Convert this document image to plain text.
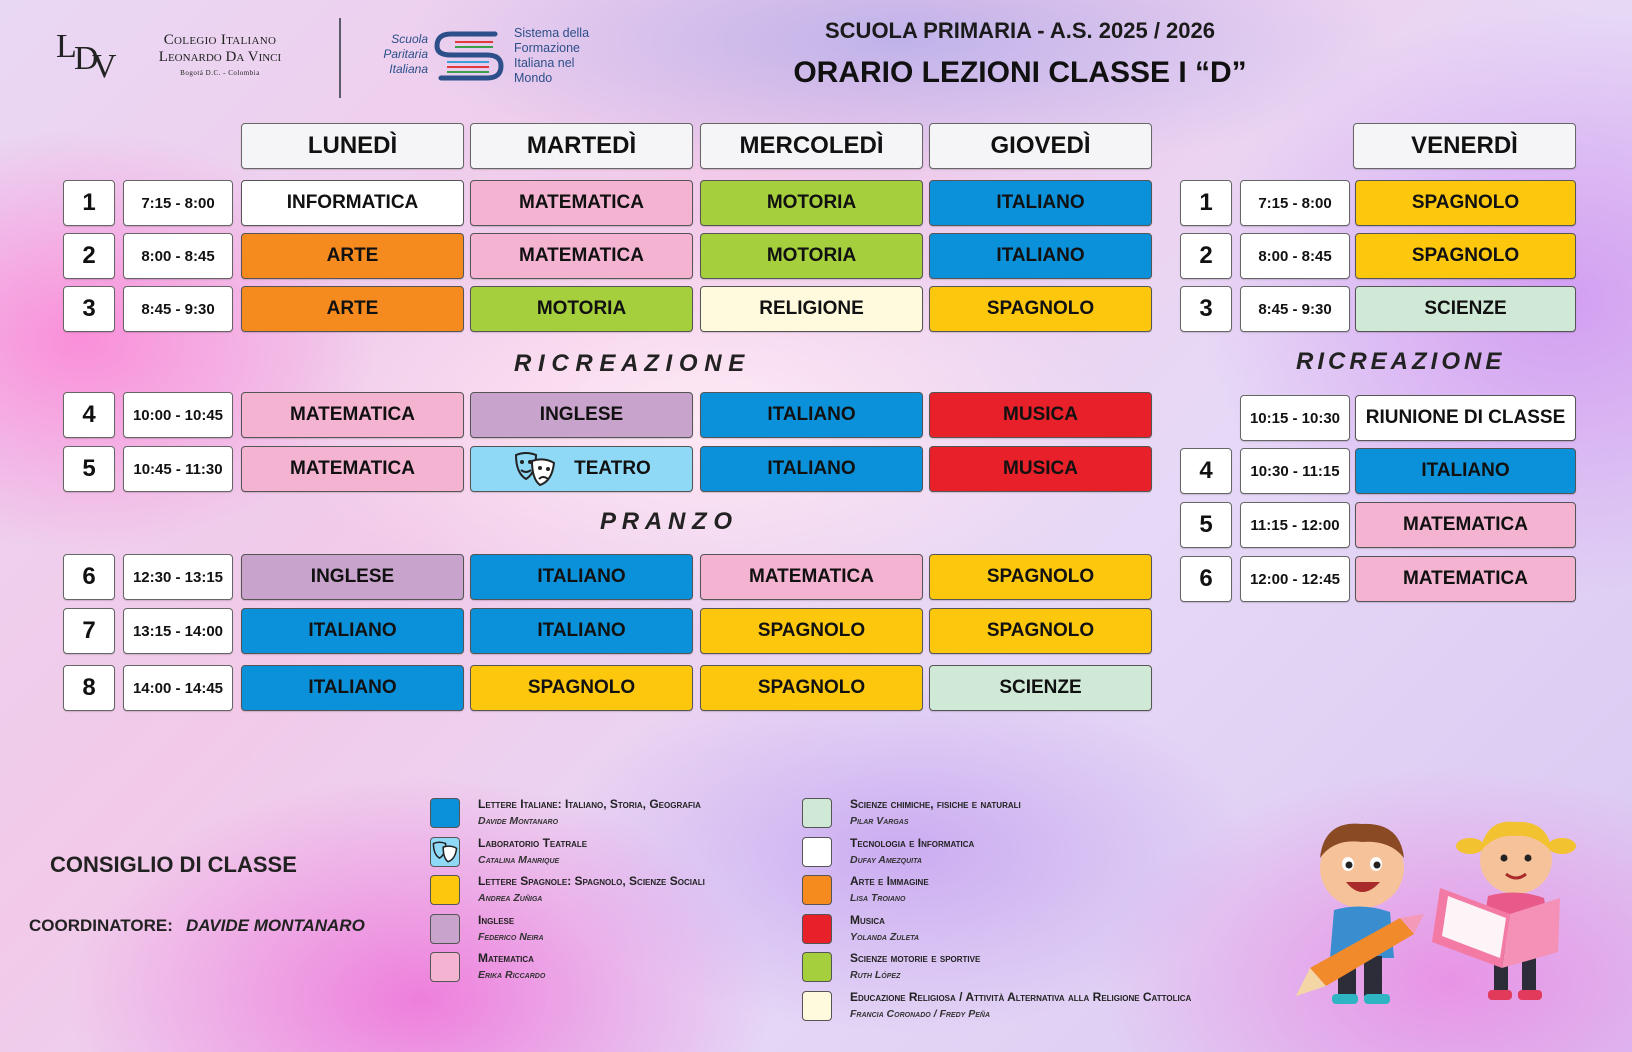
L D
V
Colegio Italiano
Leonardo Da Vinci
Bogotá D.C. - Colombia
Scuola
Paritaria
Italiana
Sistema della
Formazione
Italiana nel
Mondo
SCUOLA PRIMARIA - A.S. 2025 / 2026
ORARIO LEZIONI CLASSE I “D”
LUNEDÌ	MARTEDÌ	MERCOLEDÌ	GIOVEDÌ	VENERDÌ
1	7:15 - 8:00	INFORMATICA	MATEMATICA	MOTORIA	ITALIANO
2	8:00 - 8:45	ARTE	MATEMATICA	MOTORIA	ITALIANO
3	8:45 - 9:30	ARTE	MOTORIA	RELIGIONE	SPAGNOLO
4	10:00 - 10:45	MATEMATICA	INGLESE	ITALIANO	MUSICA
5	10:45 - 11:30	MATEMATICA	TEATRO	ITALIANO	MUSICA
6	12:30 - 13:15	INGLESE	ITALIANO	MATEMATICA	SPAGNOLO
7	13:15 - 14:00	ITALIANO	ITALIANO	SPAGNOLO	SPAGNOLO
8	14:00 - 14:45	ITALIANO	SPAGNOLO	SPAGNOLO	SCIENZE
1	7:15 - 8:00	SPAGNOLO
2	8:00 - 8:45	SPAGNOLO
3	8:45 - 9:30	SCIENZE
10:15 - 10:30	RIUNIONE DI CLASSE
4	10:30 - 11:15	ITALIANO
5	11:15 - 12:00	MATEMATICA
6	12:00 - 12:45	MATEMATICA
R I C R E A Z I O N E
P R A N Z O
RICREAZIONE
Lettere Italiane: Italiano, Storia, Geografia
Davide Montanaro
Laboratorio Teatrale
Catalina Manrique
Lettere Spagnole: Spagnolo, Scienze Sociali
Andrea Zuñiga
Inglese
Federico Neira
Matematica
Erika Riccardo
Scienze chimiche, fisiche e naturali
Pilar Vargas
Tecnologia e Informatica
Dufay Amezquita
Arte e Immagine
Lisa Troiano
Musica
Yolanda Zuleta
Scienze motorie e sportive
Ruth López
Educazione Religiosa / Attività Alternativa alla Religione Cattolica
Francia Coronado / Fredy Peña
CONSIGLIO DI CLASSE
COORDINATORE: DAVIDE MONTANARO
